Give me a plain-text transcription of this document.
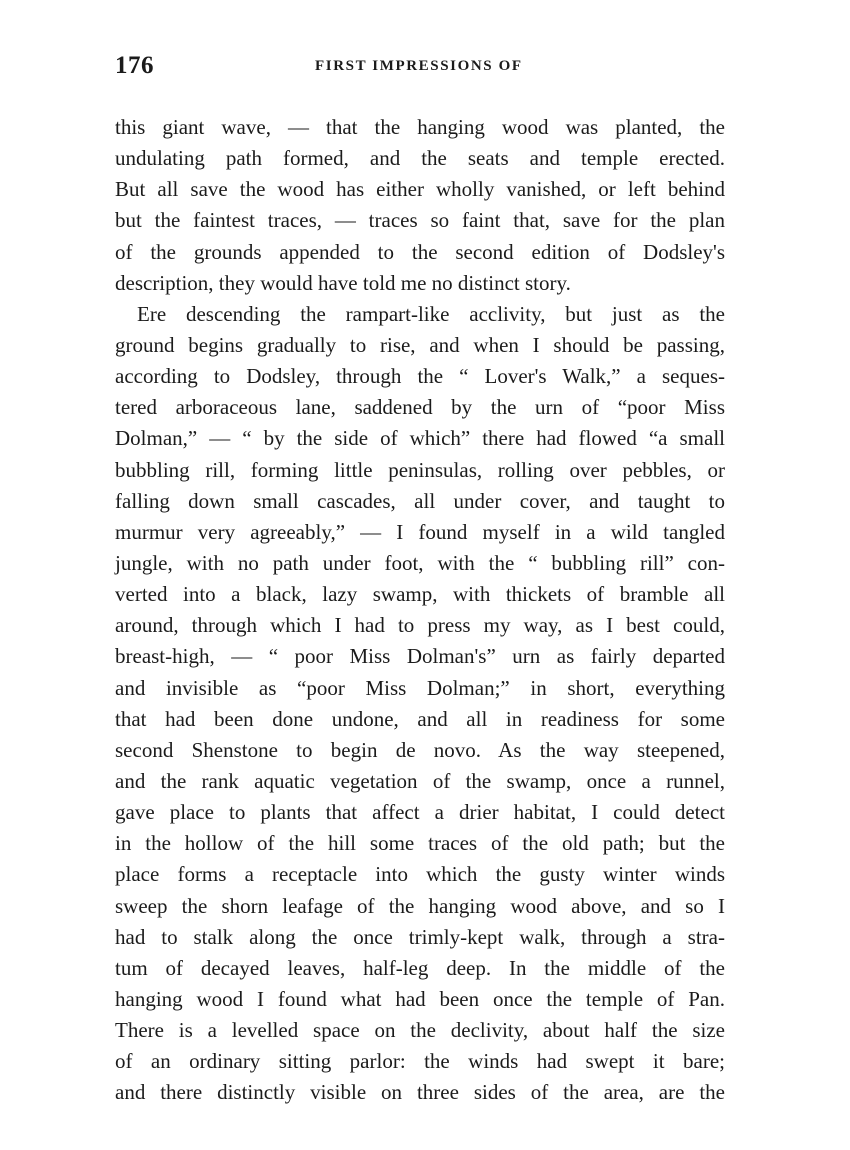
176	FIRST IMPRESSIONS OF
this giant wave, — that the hanging wood was planted, the
undulating path formed, and the seats and temple erected.
But all save the wood has either wholly vanished, or left behind
but the faintest traces, — traces so faint that, save for the plan
of the grounds appended to the second edition of Dodsley's
description, they would have told me no distinct story.
Ere descending the rampart-like acclivity, but just as the
ground begins gradually to rise, and when I should be passing,
according to Dodsley, through the “ Lover's Walk,” a seques-
tered arboraceous lane, saddened by the urn of “poor Miss
Dolman,” — “ by the side of which” there had flowed “a small
bubbling rill, forming little peninsulas, rolling over pebbles, or
falling down small cascades, all under cover, and taught to
murmur very agreeably,” — I found myself in a wild tangled
jungle, with no path under foot, with the “ bubbling rill” con-
verted into a black, lazy swamp, with thickets of bramble all
around, through which I had to press my way, as I best could,
breast-high, — “ poor Miss Dolman's” urn as fairly departed
and invisible as “poor Miss Dolman;” in short, everything
that had been done undone, and all in readiness for some
second Shenstone to begin de novo. As the way steepened,
and the rank aquatic vegetation of the swamp, once a runnel,
gave place to plants that affect a drier habitat, I could detect
in the hollow of the hill some traces of the old path; but the
place forms a receptacle into which the gusty winter winds
sweep the shorn leafage of the hanging wood above, and so I
had to stalk along the once trimly-kept walk, through a stra-
tum of decayed leaves, half-leg deep. In the middle of the
hanging wood I found what had been once the temple of Pan.
There is a levelled space on the declivity, about half the size
of an ordinary sitting parlor: the winds had swept it bare;
and there distinctly visible on three sides of the area, are the
